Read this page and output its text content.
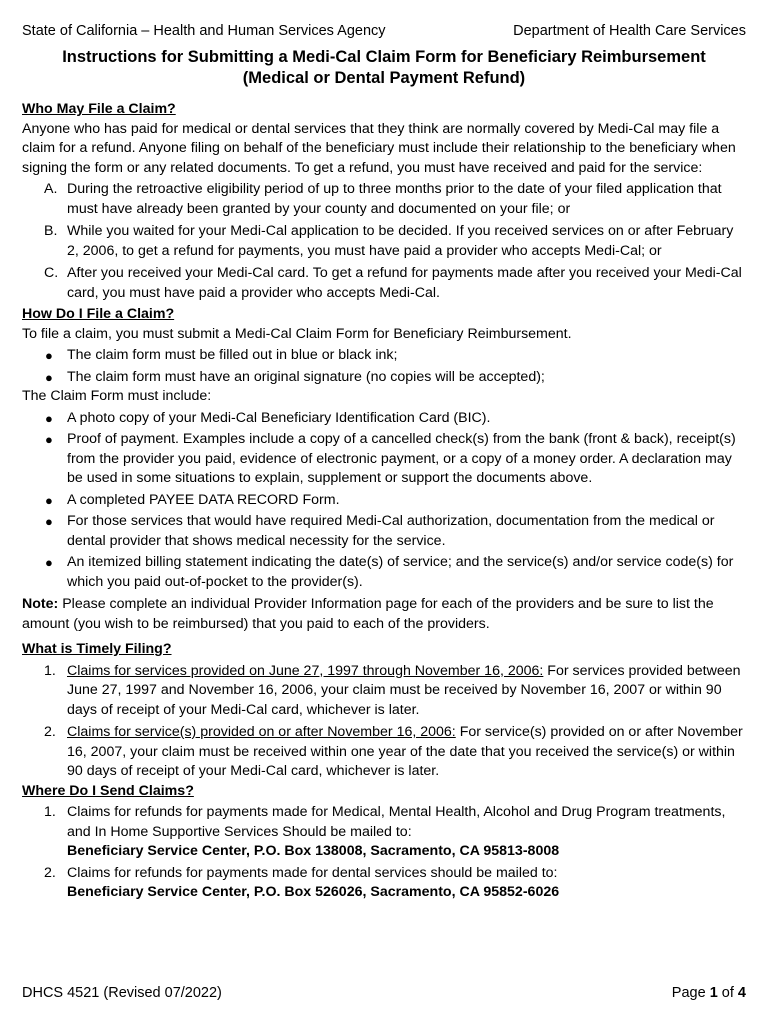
State of California – Health and Human Services Agency	Department of Health Care Services
Instructions for Submitting a Medi-Cal Claim Form for Beneficiary Reimbursement
(Medical or Dental Payment Refund)
Who May File a Claim?

Anyone who has paid for medical or dental services that they think are normally covered by Medi-Cal may file a claim for a refund. Anyone filing on behalf of the beneficiary must include their relationship to the beneficiary when signing the form or any related documents. To get a refund, you must have received and paid for the service:

A. During the retroactive eligibility period of up to three months prior to the date of your filed application that must have already been granted by your county and documented on your file; or
B. While you waited for your Medi-Cal application to be decided. If you received services on or after February 2, 2006, to get a refund for payments, you must have paid a provider who accepts Medi-Cal; or
C. After you received your Medi-Cal card. To get a refund for payments made after you received your Medi-Cal card, you must have paid a provider who accepts Medi-Cal.
How Do I File a Claim?

To file a claim, you must submit a Medi-Cal Claim Form for Beneficiary Reimbursement.

● The claim form must be filled out in blue or black ink;
● The claim form must have an original signature (no copies will be accepted);

The Claim Form must include:

● A photo copy of your Medi-Cal Beneficiary Identification Card (BIC).
● Proof of payment. Examples include a copy of a cancelled check(s) from the bank (front & back), receipt(s) from the provider you paid, evidence of electronic payment, or a copy of a money order. A declaration may be used in some situations to explain, supplement or support the documents above.
● A completed PAYEE DATA RECORD Form.
● For those services that would have required Medi-Cal authorization, documentation from the medical or dental provider that shows medical necessity for the service.
● An itemized billing statement indicating the date(s) of service; and the service(s) and/or service code(s) for which you paid out-of-pocket to the provider(s).

Note: Please complete an individual Provider Information page for each of the providers and be sure to list the amount (you wish to be reimbursed) that you paid to each of the providers.

What is Timely Filing?
1. Claims for services provided on June 27, 1997 through November 16, 2006: For services provided between June 27, 1997 and November 16, 2006, your claim must be received by November 16, 2007 or within 90 days of receipt of your Medi-Cal card, whichever is later.
2. Claims for service(s) provided on or after November 16, 2006: For service(s) provided on or after November 16, 2007, your claim must be received within one year of the date that you received the service(s) or within 90 days of receipt of your Medi-Cal card, whichever is later.
Where Do I Send Claims?
1. Claims for refunds for payments made for Medical, Mental Health, Alcohol and Drug Program treatments, and In Home Supportive Services Should be mailed to:
Beneficiary Service Center, P.O. Box 138008, Sacramento, CA 95813-8008
2. Claims for refunds for payments made for dental services should be mailed to:
Beneficiary Service Center, P.O. Box 526026, Sacramento, CA 95852-6026
DHCS 4521 (Revised 07/2022)	Page 1 of 4
